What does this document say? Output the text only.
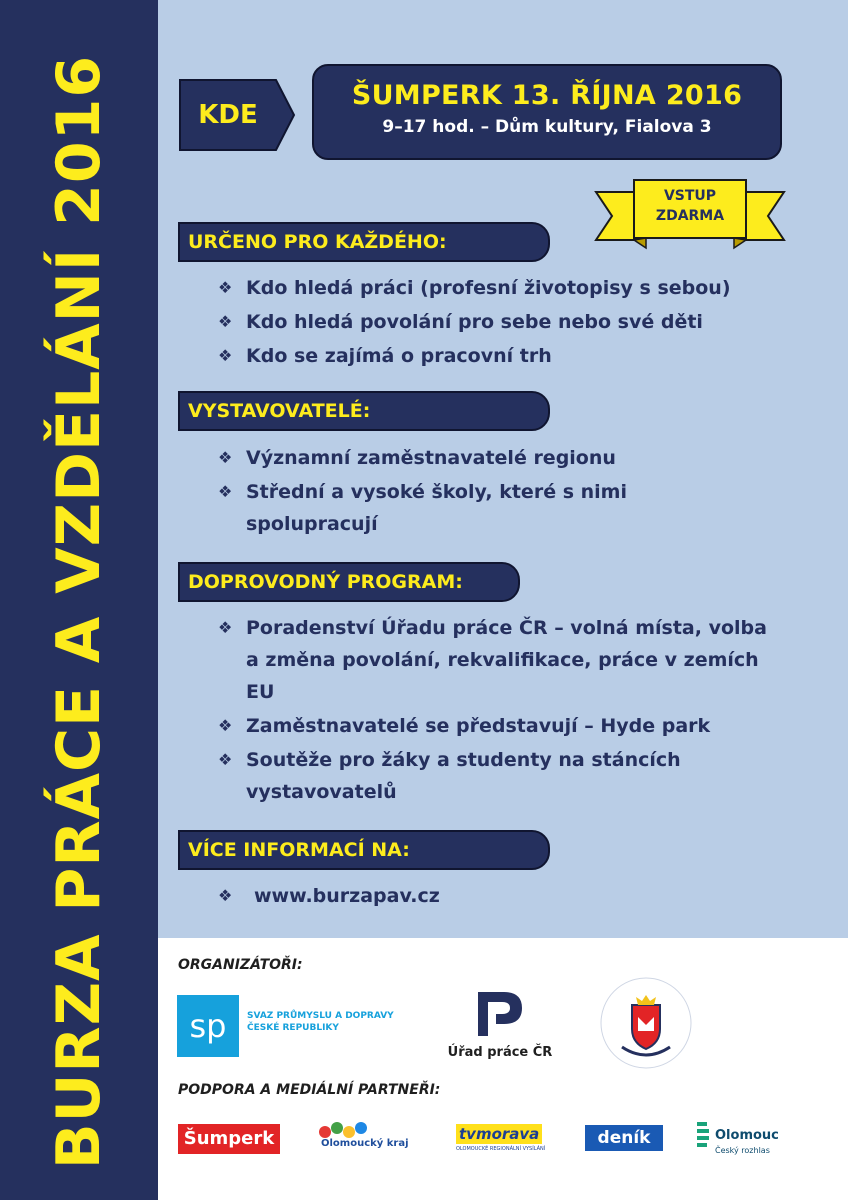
BURZA PRÁCE A VZDĚLÁNÍ 2016	KDE
ŠUMPERK 13. ŘÍJNA 2016
9–17 hod. – Dům kultury, Fialova 3
VSTUP
ZDARMA
URČENO PRO KAŽDÉHO:
❖ Kdo hledá práci (profesní životopisy s sebou)
❖ Kdo hledá povolání pro sebe nebo své děti
❖ Kdo se zajímá o pracovní trh
VYSTAVOVATELÉ:
❖ Významní zaměstnavatelé regionu
❖ Střední a vysoké školy, které s nimi spolupracují
DOPROVODNÝ PROGRAM:
❖ Poradenství Úřadu práce ČR – volná místa, volba a změna povolání, rekvalifikace, práce v zemích EU
❖ Zaměstnavatelé se představují – Hyde park
❖ Soutěže pro žáky a studenty na stáncích vystavovatelů
VÍCE INFORMACÍ NA:
❖	www.burzapav.cz
ORGANIZÁTOŘI:
sp	SVAZ PRŮMYSLU A DOPRAVY ČESKÉ REPUBLIKY
Úřad práce ČR
PODPORA A MEDIÁLNÍ PARTNEŘI:
Šumperk	Olomoucký kraj
tvmorava
OLOMOUCKÉ REGIONÁLNÍ VYSÍLÁNÍ
deník	Olomouc
Český rozhlas
